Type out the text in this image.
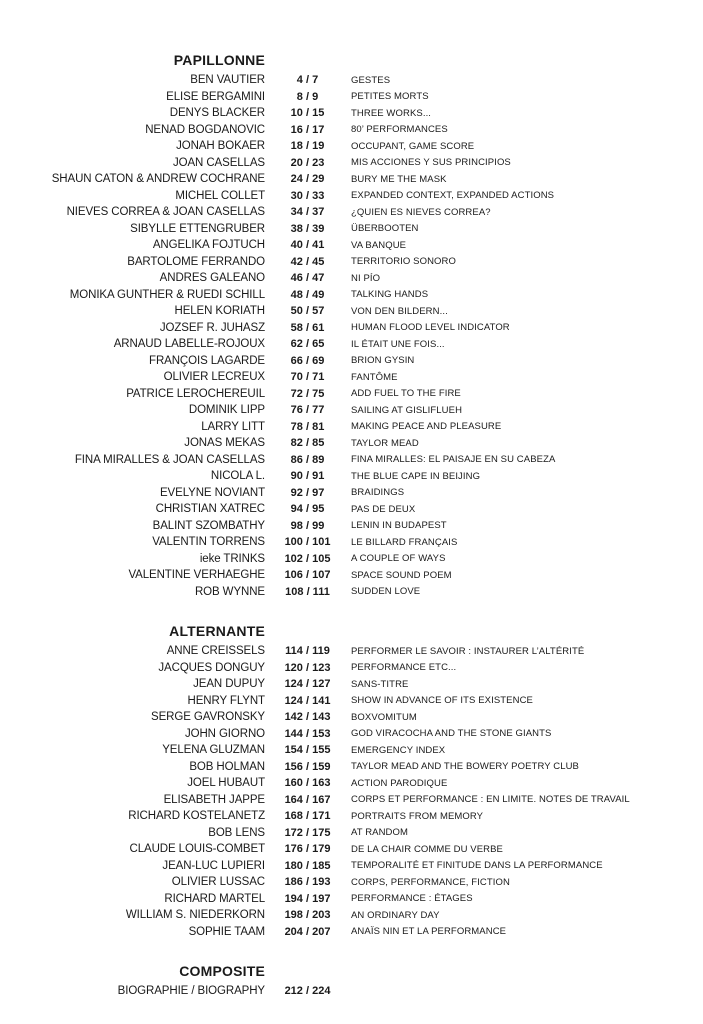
PAPILLONNE
BEN VAUTIER	4 / 7	GESTES
ELISE BERGAMINI	8 / 9	PETITES MORTS
DENYS BLACKER	10 / 15	THREE WORKS...
NENAD BOGDANOVIC	16 / 17	80’ PERFORMANCES
JONAH BOKAER	18 / 19	OCCUPANT, GAME SCORE
JOAN CASELLAS	20 / 23	MIS ACCIONES Y SUS PRINCIPIOS
SHAUN CATON & ANDREW COCHRANE	24 / 29	BURY ME THE MASK
MICHEL COLLET	30 / 33	EXPANDED CONTEXT, EXPANDED ACTIONS
NIEVES CORREA & JOAN CASELLAS	34 / 37	¿QUIEN ES NIEVES CORREA?
SIBYLLE ETTENGRUBER	38 / 39	ÜBERBOOTEN
ANGELIKA FOJTUCH	40 / 41	VA BANQUE
BARTOLOMÉ FERRANDO	42 / 45	TERRITORIO SONORO
ANDRÉS GALEANO	46 / 47	NI PÍO
MONIKA GÜNTHER & RUEDI SCHILL	48 / 49	TALKING HANDS
HELEN KORIATH	50 / 57	VON DEN BILDERN...
JÓZSEF R. JUHÁSZ	58 / 61	HUMAN FLOOD LEVEL INDICATOR
ARNAUD LABELLE-ROJOUX	62 / 65	IL ÉTAIT UNE FOIS...
FRANÇOIS LAGARDE	66 / 69	BRION GYSIN
OLIVIER LECREUX	70 / 71	FANTÔME
PATRICE LEROCHEREUIL	72 / 75	ADD FUEL TO THE FIRE
DOMINIK LIPP	76 / 77	SAILING AT GISLIFLUEH
LARRY LITT	78 / 81	MAKING PEACE AND PLEASURE
JONAS MEKAS	82 / 85	TAYLOR MEAD
FINA MIRALLES & JOAN CASELLAS	86 / 89	FINA MIRALLES: EL PAISAJE EN SU CABEZA
NICOLA L.	90 / 91	THE BLUE CAPE IN BEIJING
EVELYNE NOVIANT	92 / 97	BRAIDINGS
CHRISTIAN XATREC	94 / 95	PAS DE DEUX
BÁLINT SZOMBATHY	98 / 99	LENIN IN BUDAPEST
VALENTÍN TORRENS	100 / 101	LE BILLARD FRANÇAIS
ieke TRINKS	102 / 105	A COUPLE OF WAYS
VALENTINE VERHAEGHE	106 / 107	SPACE SOUND POEM
ROB WYNNE	108 / 111	SUDDEN LOVE
ALTERNANTE
ANNE CREISSELS	114 / 119	PERFORMER LE SAVOIR : INSTAURER L’ALTÉRITÉ
JACQUES DONGUY	120 / 123	PERFORMANCE ETC...
JEAN DUPUY	124 / 127	SANS-TITRE
HENRY FLYNT	124 / 141	SHOW IN ADVANCE OF ITS EXISTENCE
SERGE GAVRONSKY	142 / 143	BOXVOMITUM
JOHN GIORNO	144 / 153	GOD VIRACOCHA AND THE STONE GIANTS
YELENA GLUZMAN	154 / 155	EMERGENCY INDEX
BOB HOLMAN	156 / 159	TAYLOR MEAD AND THE BOWERY POETRY CLUB
JOËL HUBAUT	160 / 163	ACTION PARODIQUE
ELISABETH JAPPE	164 / 167	CORPS ET PERFORMANCE : EN LIMITE. NOTES DE TRAVAIL
RICHARD KOSTELANETZ	168 / 171	PORTRAITS FROM MEMORY
BOB LENS	172 / 175	AT RANDOM
CLAUDE LOUIS-COMBET	176 / 179	DE LA CHAIR COMME DU VERBE
JEAN-LUC LUPIERI	180 / 185	TEMPORALITÉ ET FINITUDE DANS LA PERFORMANCE
OLIVIER LUSSAC	186 / 193	CORPS, PERFORMANCE, FICTION
RICHARD MARTEL	194 / 197	PERFORMANCE : ÉTAGES
WILLIAM S. NIEDERKORN	198 / 203	AN ORDINARY DAY
SOPHIE TAAM	204 / 207	ANAÏS NIN ET LA PERFORMANCE
COMPOSITE
BIOGRAPHIE / BIOGRAPHY	212 / 224
